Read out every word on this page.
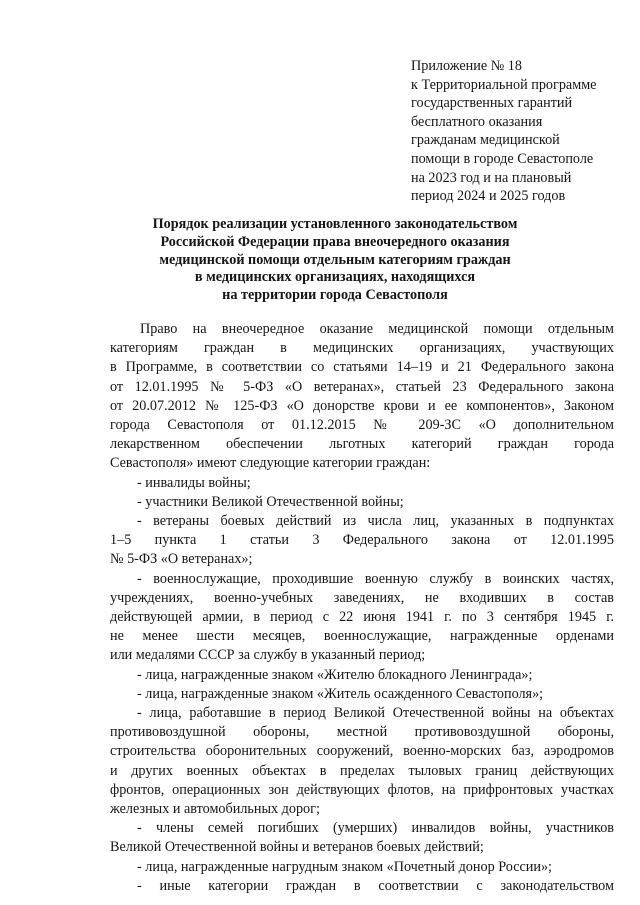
Приложение № 18
к Территориальной программе
государственных гарантий
бесплатного оказания
гражданам медицинской
помощи в городе Севастополе
на 2023 год и на плановый
период 2024 и 2025 годов
Порядок реализации установленного законодательством
Российской Федерации права внеочередного оказания
медицинской помощи отдельным категориям граждан
в медицинских организациях, находящихся
на территории города Севастополя
Право на внеочередное оказание медицинской помощи отдельным
категориям граждан в медицинских организациях, участвующих
в Программе, в соответствии со статьями 14–19 и 21 Федерального закона
от 12.01.1995 № 5-ФЗ «О ветеранах», статьей 23 Федерального закона
от 20.07.2012 № 125-ФЗ «О донорстве крови и ее компонентов», Законом
города Севастополя от 01.12.2015 № 209-ЗС «О дополнительном
лекарственном обеспечении льготных категорий граждан города
Севастополя» имеют следующие категории граждан:
- инвалиды войны;
- участники Великой Отечественной войны;
- ветераны боевых действий из числа лиц, указанных в подпунктах
1–5 пункта 1 статьи 3 Федерального закона от 12.01.1995
№ 5-ФЗ «О ветеранах»;
- военнослужащие, проходившие военную службу в воинских частях,
учреждениях, военно-учебных заведениях, не входивших в состав
действующей армии, в период с 22 июня 1941 г. по 3 сентября 1945 г.
не менее шести месяцев, военнослужащие, награжденные орденами
или медалями СССР за службу в указанный период;
- лица, награжденные знаком «Жителю блокадного Ленинграда»;
- лица, награжденные знаком «Житель осажденного Севастополя»;
- лица, работавшие в период Великой Отечественной войны на объектах
противовоздушной обороны, местной противовоздушной обороны,
строительства оборонительных сооружений, военно-морских баз, аэродромов
и других военных объектах в пределах тыловых границ действующих
фронтов, операционных зон действующих флотов, на прифронтовых участках
железных и автомобильных дорог;
- члены семей погибших (умерших) инвалидов войны, участников
Великой Отечественной войны и ветеранов боевых действий;
- лица, награжденные нагрудным знаком «Почетный донор России»;
- иные категории граждан в соответствии с законодательством
